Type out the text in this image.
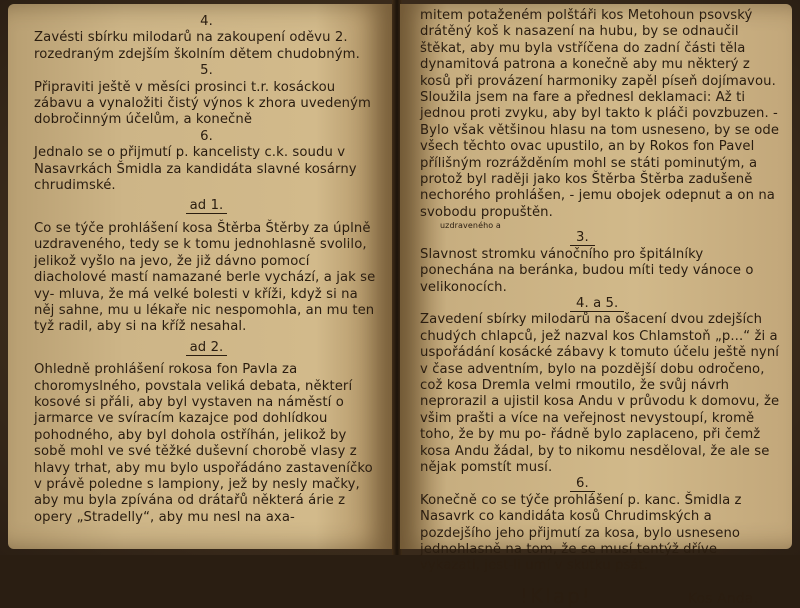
4.

Zavésti sbírku milodarů na zakoupení oděvu 2. rozedraným zdejším školním dětem chudobným.

5.

Připraviti ještě v měsíci prosinci t.r. kosáckou zábavu a vynaložiti čistý výnos k zhora uvedeným dobročinným účelům, a konečně

6.

Jednalo se o přijmutí p. kancelisty c.k. soudu v Nasavrkách Šmidla za kandidáta slavné kosárny chrudimské.

ad 1.

Co se týče prohlášení kosa Štěrba Štěrby za úplně uzdraveného, tedy se k tomu jednohlasně svolilo, jelikož vyšlo na jevo, že již dávno pomocí diacholové mastí namazané berle vychází, a jak se vy- mluva, že má velké bolesti v kříži, když si na něj sahne, mu u lékaře nic nespomohla, an mu ten tyž radil, aby si na kříž nesahal.

ad 2.

Ohledně prohlášení rokosa fon Pavla za choromyslného, povstala veliká debata, některí kosové si přáli, aby byl vystaven na náměstí o jarmarce ve svíracím kazajce pod dohlídkou pohodného, aby byl dohola ostříhán, jelikož by sobě mohl ve své těžké duševní chorobě vlasy z hlavy trhat, aby mu bylo uspořádáno zastaveníčko v právě poledne s lampiony, jež by nesly mačky, aby mu byla zpívána od drátařů některá árie z opery „Stradelly“, aby mu nesl na axa-

mitem potaženém polštáři kos Metohoun psovský drátěný koš k nasazení na hubu, by se odnaučil štěkat, aby mu byla vstříčena do zadní části těla dynamitová patrona a konečně aby mu některý z kosů při provázení harmoniky zapěl píseň dojímavou. Sloužila jsem na fare a přednesl deklamaci: Až ti jednou proti zvyku, aby byl takto k pláči povzbuzen. - Bylo však většinou hlasu na tom usneseno, by se ode všech těchto ovac upustilo, an by Rokos fon Pavel přílišným rozrážděním mohl se státi pominutým, a protož byl raději jako kos Štěrba Štěrba zadušeně nechorého prohlášen, - jemu obojek odepnut a on na svobodu propuštěn.

uzdraveného a

3.

Slavnost stromku vánočního pro špitálníky ponechána na beránka, budou míti tedy vánoce o velikonocích.

4. a 5.

Zavedení sbírky milodarů na ošacení dvou zdejších chudých chlapců, jež nazval kos Chlamstoň „p...“ ži a uspořádání kosácké zábavy k tomuto účelu ještě nyní v čase adventním, bylo na pozdější dobu odročeno, což kosa Dremla velmi rmoutilo, že svůj návrh neprorazil a ujistil kosa Andu v průvodu k domovu, že všim prašti a více na veřejnost nevystoupí, kromě toho, že by mu po- řádně bylo zaplaceno, při čemž kosa Andu žádal, by to nikomu nesděloval, že ale se nějak pomstít musí.

6.

Konečně co se týče prohlášení p. kanc. Šmidla z Nasavrk co kandidáta kosů Chrudimských a pozdejšího jeho přijmutí za kosa, bylo usneseno jednohlasně na tom, že se musí tentýž dříve vykazati, jest-li umí v skutku psát.

!Klap!	Kos Anda.
